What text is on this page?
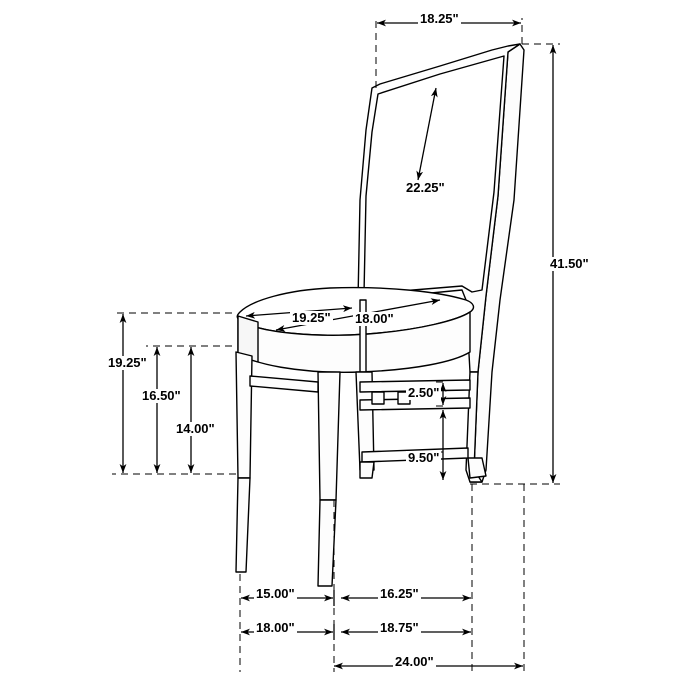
18.25"
22.25"
41.50"
19.25" 18.00"
19.25"
16.50"
14.00"
2.50"
9.50"
15.00"	16.25"
18.00"	18.75"
24.00"
